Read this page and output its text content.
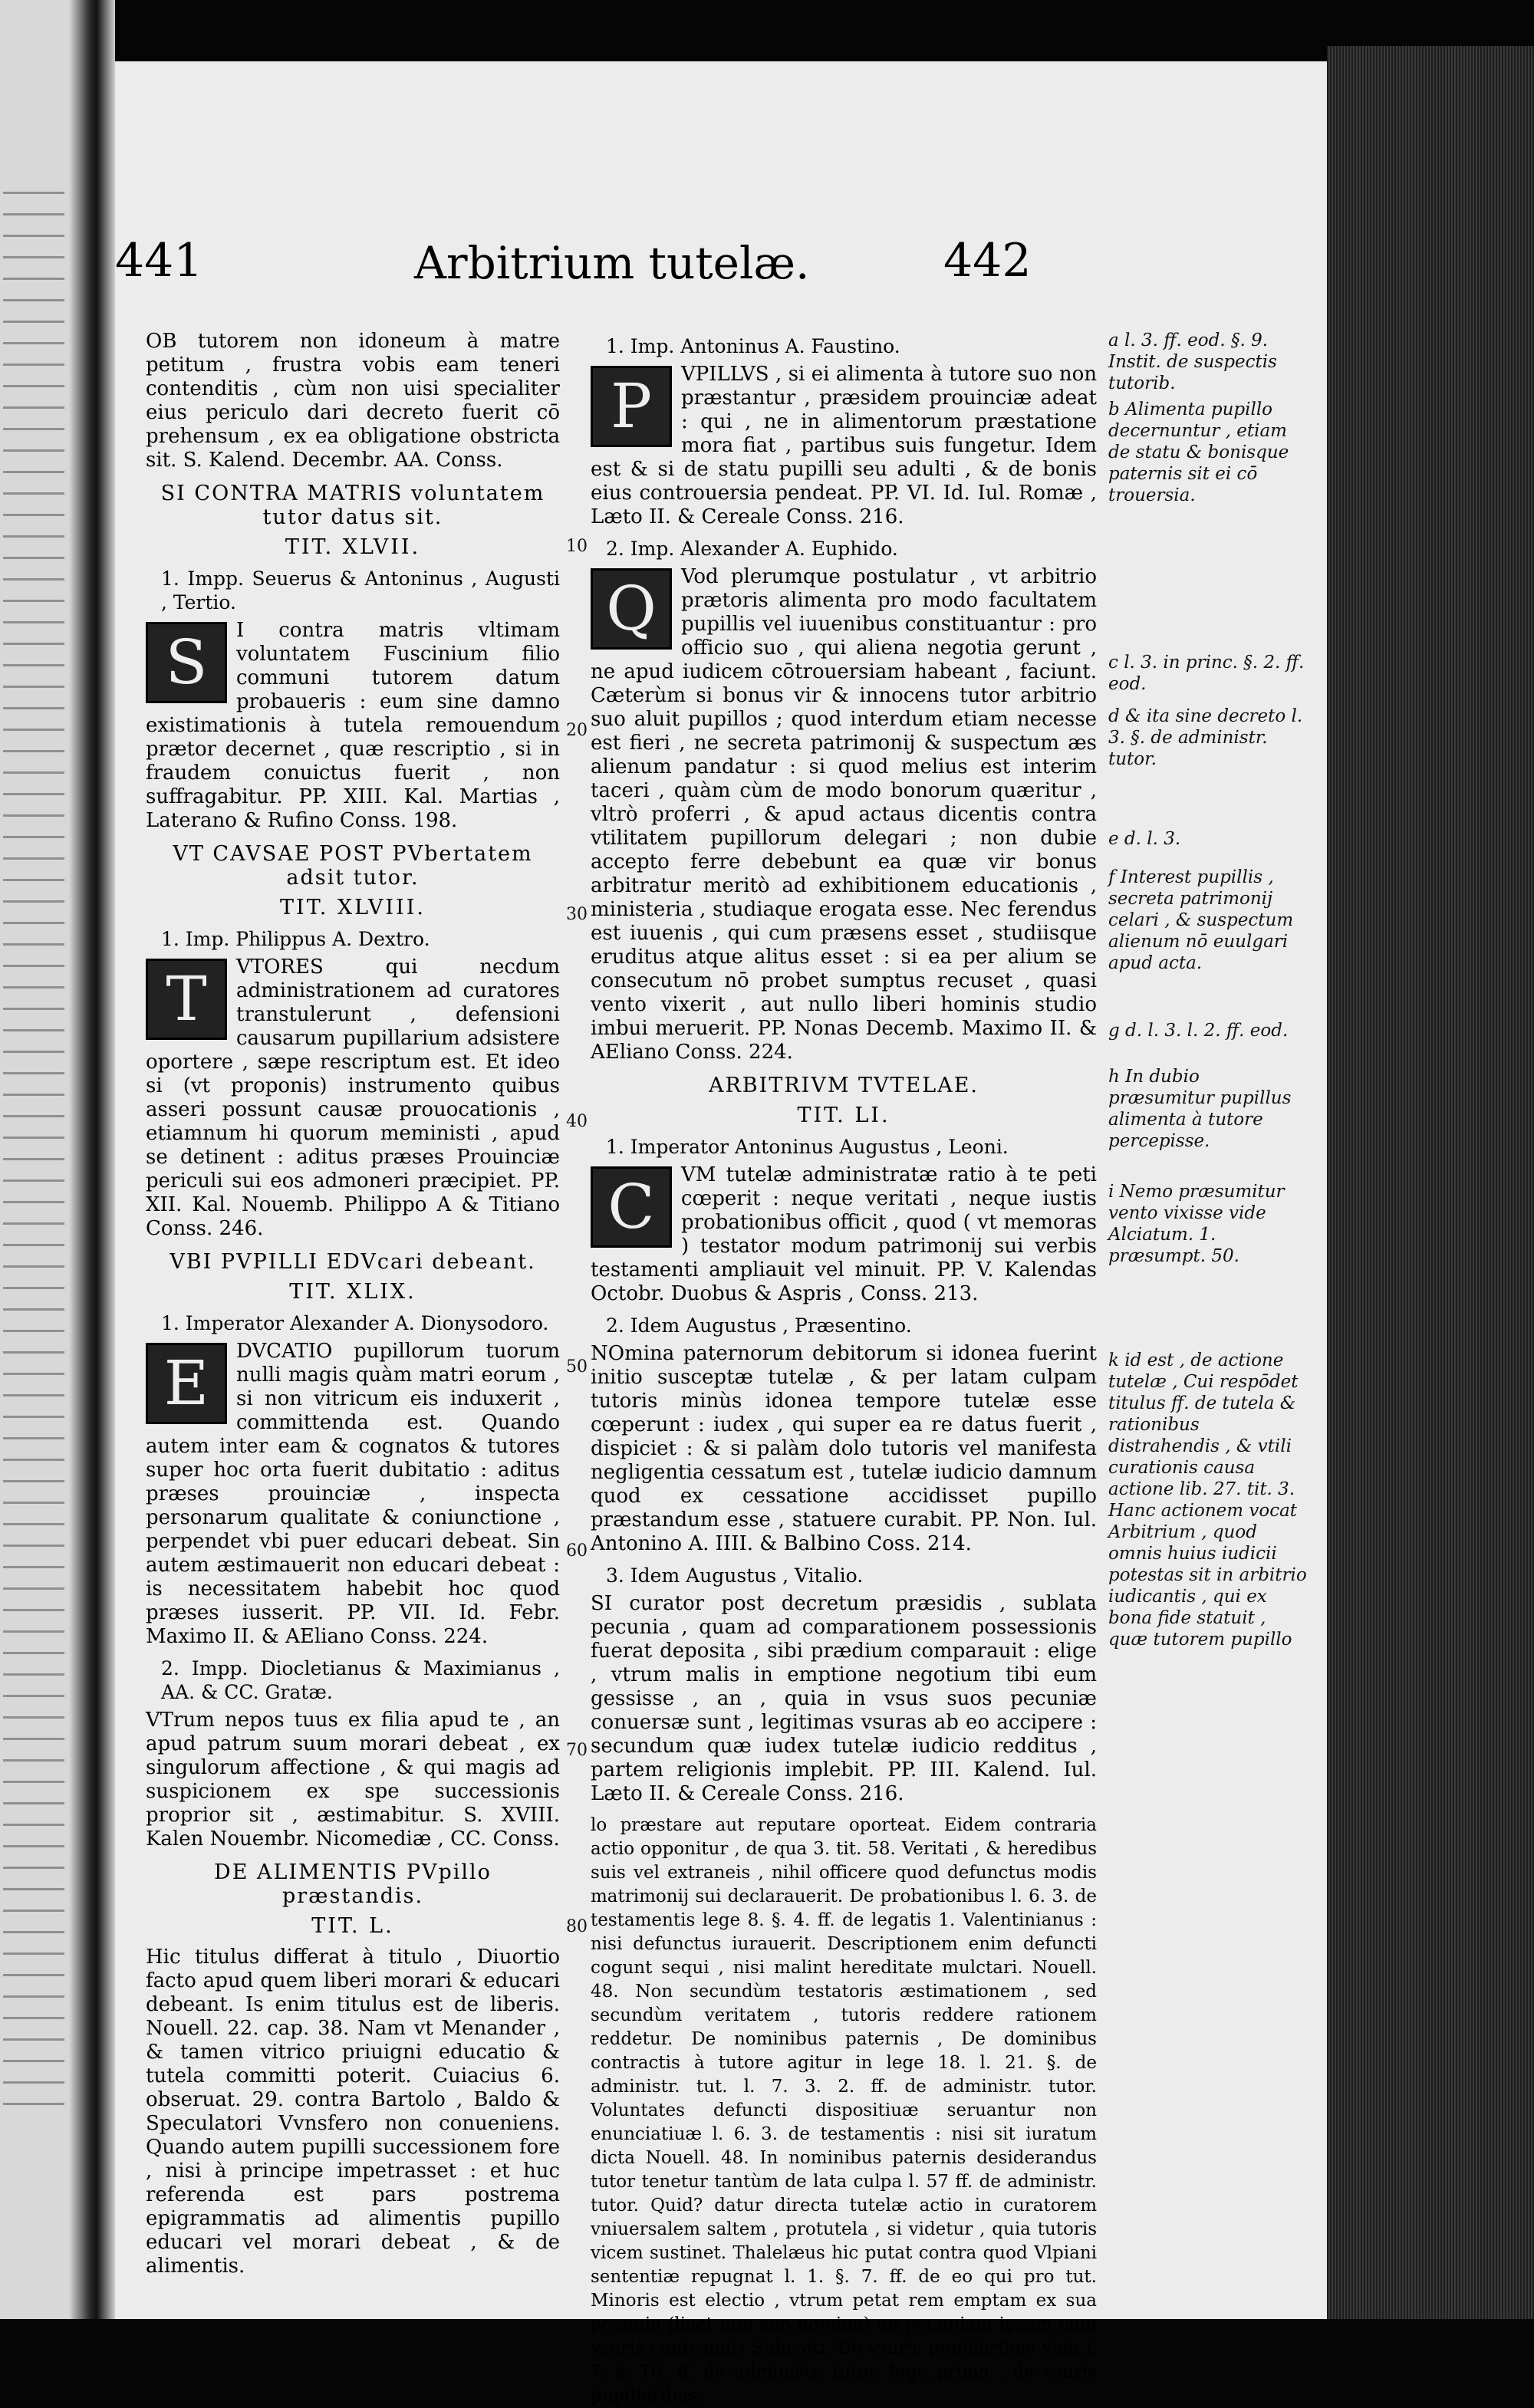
441	Arbitrium tutelæ.	442

OB tutorem non idoneum à matre petitum , frustra vobis eam teneri contenditis , cùm non uisi specialiter eius periculo dari decreto fuerit cō prehensum , ex ea obligatione obstricta sit. S. Kalend. Decembr. AA. Conss.

SI CONTRA MATRIS voluntatem tutor datus sit.
TIT. XLVII.
1. Impp. Seuerus & Antoninus , Augusti , Tertio.

S	I contra matris vltimam voluntatem Fuscinium filio communi tutorem datum probaueris : eum sine damno existimationis à tutela remouendum prætor decernet , quæ rescriptio , si in fraudem conuictus fuerit , non suffragabitur. PP. XIII. Kal. Martias , Laterano & Rufino Conss. 198.

VT CAVSAE POST PVbertatem adsit tutor.
TIT. XLVIII.
1. Imp. Philippus A. Dextro.

T	VTORES qui necdum administrationem ad curatores transtulerunt , defensioni causarum pupillarium adsistere oportere , sæpe rescriptum est. Et ideo si (vt proponis) instrumento quibus asseri possunt causæ prouocationis , etiamnum hi quorum meministi , apud se detinent : aditus præses Prouinciæ periculi sui eos admoneri præcipiet. PP. XII. Kal. Nouemb. Philippo A & Titiano Conss. 246.

VBI PVPILLI EDVcari debeant.
TIT. XLIX.
1. Imperator Alexander A. Dionysodoro.

E	DVCATIO pupillorum tuorum nulli magis quàm matri eorum , si non vitricum eis induxerit , committenda est. Quando autem inter eam & cognatos & tutores super hoc orta fuerit dubitatio : aditus præses prouinciæ , inspecta personarum qualitate & coniunctione , perpendet vbi puer educari debeat. Sin autem æstimauerit non educari debeat : is necessitatem habebit hoc quod præses iusserit. PP. VII. Id. Febr. Maximo II. & AEliano Conss. 224.

2. Impp. Diocletianus & Maximianus , AA. & CC. Gratæ.

VTrum nepos tuus ex filia apud te , an apud patrum suum morari debeat , ex singulorum affectione , & qui magis ad suspicionem ex spe successionis proprior sit , æstimabitur. S. XVIII. Kalen Nouembr. Nicomediæ , CC. Conss.

DE ALIMENTIS PVpillo præstandis.
TIT. L.

Hic titulus differat à titulo , Diuortio facto apud quem liberi morari & educari debeant. Is enim titulus est de liberis. Nouell. 22. cap. 38. Nam vt Menander , & tamen vitrico priuigni educatio & tutela committi poterit. Cuiacius 6. obseruat. 29. contra Bartolo , Baldo & Speculatori Vvnsfero non conueniens. Quando autem pupilli successionem fore , nisi à principe impetrasset : et huc referenda est pars postrema epigrammatis ad alimentis pupillo educari vel morari debeat , & de alimentis.

1. Imp. Antoninus A. Faustino.

P	VPILLVS , si ei alimenta à tutore suo non præstantur , præsidem prouinciæ adeat : qui , ne in alimentorum præstatione mora fiat , partibus suis fungetur. Idem est & si de statu pupilli seu adulti , & de bonis eius controuersia pendeat. PP. VI. Id. Iul. Romæ , Læto II. & Cereale Conss. 216.

2. Imp. Alexander A. Euphido.

Q	Vod plerumque postulatur , vt arbitrio prætoris alimenta pro modo facultatem pupillis vel iuuenibus constituantur : pro officio suo , qui aliena negotia gerunt , ne apud iudicem cōtrouersiam habeant , faciunt. Cæterùm si bonus vir & innocens tutor arbitrio suo aluit pupillos ; quod interdum etiam necesse est fieri , ne secreta patrimonij & suspectum æs alienum pandatur : si quod melius est interim taceri , quàm cùm de modo bonorum quæritur , vltrò proferri , & apud actaus dicentis contra vtilitatem pupillorum delegari ; non dubie accepto ferre debebunt ea quæ vir bonus arbitratur meritò ad exhibitionem educationis , ministeria , studiaque erogata esse. Nec ferendus est iuuenis , qui cum præsens esset , studiisque eruditus atque alitus esset : si ea per alium se consecutum nō probet sumptus recuset , quasi vento vixerit , aut nullo liberi hominis studio imbui meruerit. PP. Nonas Decemb. Maximo II. & AEliano Conss. 224.

ARBITRIVM TVTELAE.
TIT. LI.
1. Imperator Antoninus Augustus , Leoni.

C	VM tutelæ administratæ ratio à te peti cœperit : neque veritati , neque iustis probationibus officit , quod ( vt memoras ) testator modum patrimonij sui verbis testamenti ampliauit vel minuit. PP. V. Kalendas Octobr. Duobus & Aspris , Conss. 213.

2. Idem Augustus , Præsentino.

NOmina paternorum debitorum si idonea fuerint initio susceptæ tutelæ , & per latam culpam tutoris minùs idonea tempore tutelæ esse cœperunt : iudex , qui super ea re datus fuerit , dispiciet : & si palàm dolo tutoris vel manifesta negligentia cessatum est , tutelæ iudicio damnum quod ex cessatione accidisset pupillo præstandum esse , statuere curabit. PP. Non. Iul. Antonino A. IIII. & Balbino Coss. 214.

3. Idem Augustus , Vitalio.

SI curator post decretum præsidis , sublata pecunia , quam ad comparationem possessionis fuerat deposita , sibi prædium comparauit : elige , vtrum malis in emptione negotium tibi eum gessisse , an , quia in vsus suos pecuniæ conuersæ sunt , legitimas vsuras ab eo accipere : secundum quæ iudex tutelæ iudicio redditus , partem religionis implebit. PP. III. Kalend. Iul. Læto II. & Cereale Conss. 216.

lo præstare aut reputare oporteat. Eidem contraria actio opponitur , de qua 3. tit. 58. Veritati , & heredibus suis vel extraneis , nihil officere quod defunctus modis matrimonij sui declarauerit. De probationibus l. 6. 3. de testamentis lege 8. §. 4. ff. de legatis 1. Valentinianus : nisi defunctus iurauerit. Descriptionem enim defuncti cogunt sequi , nisi malint hereditate mulctari. Nouell. 48. Non secundùm testatoris æstimationem , sed secundùm veritatem , tutoris reddere rationem reddetur. De nominibus paternis , De dominibus contractis à tutore agitur in lege 18. l. 21. §. de administr. tut. l. 7. 3. 2. ff. de administr. tutor. Voluntates defuncti dispositiuæ seruantur non enunciatiuæ l. 6. 3. de testamentis : nisi sit iuratum dicta Nouell. 48. In nominibus paternis desiderandus tutor tenetur tantùm de lata culpa l. 57 ff. de administr. tutor. Quid? datur directa tutelæ actio in curatorem vniuersalem saltem , protutela , si videtur , quia tutoris vicem sustinet. Thalelæus hic putat contra quod Vlpiani sententiæ repugnat l. 1. §. 7. ff. de eo qui pro tut. Minoris est electio , vtrum petat rem emptam ex sua pecunia (licet non suo nomine) an pecuniam ipsam cum vsuris centesimis Saluyeti. De vsuris pupillaribus vide l. 7. §. 10. ff. de administr. tutor. lege prima , de vsuris pupillaribus.

a l. 3. ff. eod. §. 9. Instit. de suspectis tutorib.
b Alimenta pupillo decernuntur , etiam de statu & bonisque paternis sit ei cō trouersia.
c l. 3. in princ. §. 2. ff. eod.
d & ita sine decreto l. 3. §. de administr. tutor.
e d. l. 3.
f Interest pupillis , secreta patrimonij celari , & suspectum alienum nō euulgari apud acta.
g d. l. 3. l. 2. ff. eod.
h In dubio præsumitur pupillus alimenta à tutore percepisse.
i Nemo præsumitur vento vixisse vide Alciatum. 1. præsumpt. 50.
k id est , de actione tutelæ , Cui respōdet titulus ff. de tutela & rationibus distrahendis , & vtili curationis causa actione lib. 27. tit. 3. Hanc actionem vocat Arbitrium , quod omnis huius iudicii potestas sit in arbitrio iudicantis , qui ex bona fide statuit , quæ tutorem pupillo
10
20
30
40
50
60
70
80
